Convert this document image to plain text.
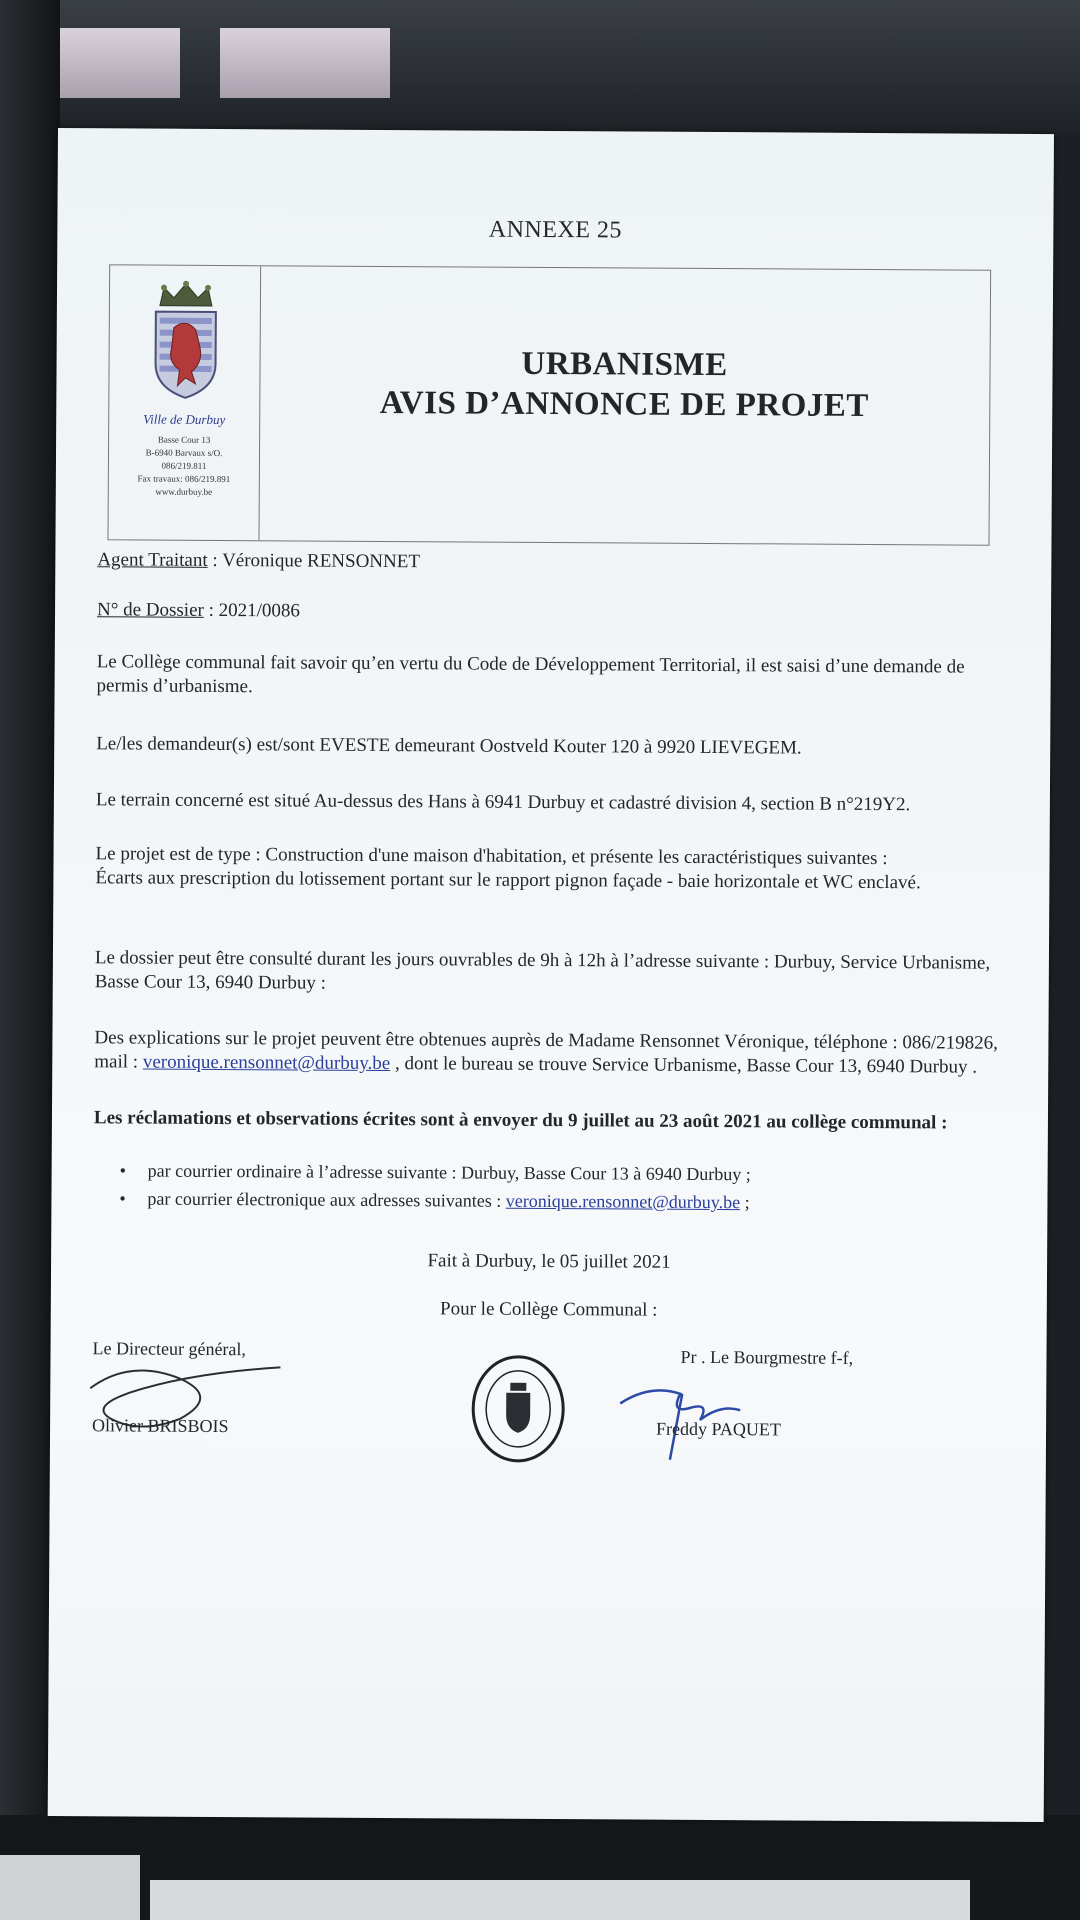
ANNEXE 25
Ville de Durbuy
Basse Cour 13
B-6940 Barvaux s/O.
086/219.811
Fax travaux: 086/219.891
www.durbuy.be
URBANISME
AVIS D’ANNONCE DE PROJET
Agent Traitant : Véronique RENSONNET
N° de Dossier : 2021/0086
Le Collège communal fait savoir qu’en vertu du Code de Développement Territorial, il est saisi d’une demande de
permis d’urbanisme.
Le/les demandeur(s) est/sont EVESTE demeurant Oostveld Kouter 120 à 9920 LIEVEGEM.
Le terrain concerné est situé Au-dessus des Hans à 6941 Durbuy et cadastré division 4, section B n°219Y2.
Le projet est de type : Construction d'une maison d'habitation, et présente les caractéristiques suivantes :
Écarts aux prescription du lotissement portant sur le rapport pignon façade - baie horizontale et WC enclavé.
Le dossier peut être consulté durant les jours ouvrables de 9h à 12h à l’adresse suivante : Durbuy, Service Urbanisme,
Basse Cour 13, 6940 Durbuy :
Des explications sur le projet peuvent être obtenues auprès de Madame Rensonnet Véronique, téléphone : 086/219826,
mail : veronique.rensonnet@durbuy.be , dont le bureau se trouve Service Urbanisme, Basse Cour 13, 6940 Durbuy .
Les réclamations et observations écrites sont à envoyer du 9 juillet au 23 août 2021 au collège communal :
• par courrier ordinaire à l’adresse suivante : Durbuy, Basse Cour 13 à 6940 Durbuy ;
• par courrier électronique aux adresses suivantes : veronique.rensonnet@durbuy.be ;
Fait à Durbuy, le 05 juillet 2021
Pour le Collège Communal :
Le Directeur général,
Olivier BRISBOIS
Pr . Le Bourgmestre f-f,
Freddy PAQUET
